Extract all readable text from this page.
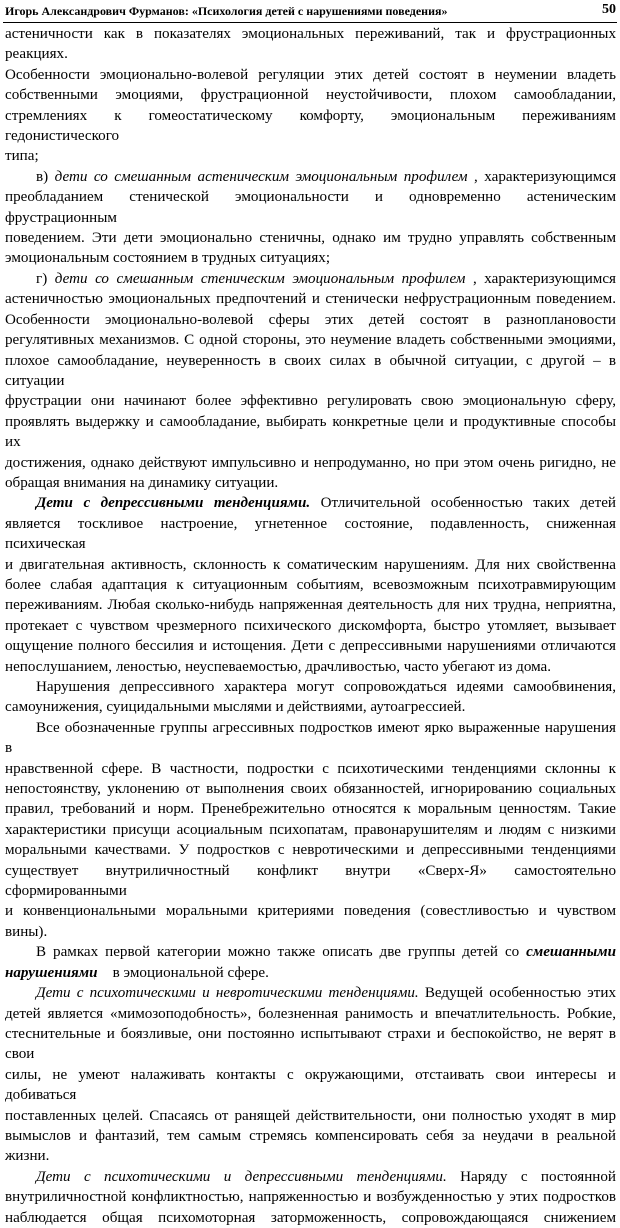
Игорь Александрович Фурманов: «Психология детей с нарушениями поведения»	50
астеничности как в показателях эмоциональных переживаний, так и фрустрационных реакциях.
Особенности эмоционально-волевой регуляции этих детей состоят в неумении владеть
собственными эмоциями, фрустрационной неустойчивости, плохом самообладании,
стремлениях к гомеостатическому комфорту, эмоциональным переживаниям гедонистического
типа;
в) дети со смешанным астеническим эмоциональным профилем , характеризующимся
преобладанием стенической эмоциональности и одновременно астеническим фрустрационным
поведением. Эти дети эмоционально стеничны, однако им трудно управлять собственным
эмоциональным состоянием в трудных ситуациях;
г) дети со смешанным стеническим эмоциональным профилем , характеризующимся
астеничностью эмоциональных предпочтений и стенически нефрустрационным поведением.
Особенности эмоционально-волевой сферы этих детей состоят в разноплановости
регулятивных механизмов. С одной стороны, это неумение владеть собственными эмоциями,
плохое самообладание, неуверенность в своих силах в обычной ситуации, с другой – в ситуации
фрустрации они начинают более эффективно регулировать свою эмоциональную сферу,
проявлять выдержку и самообладание, выбирать конкретные цели и продуктивные способы их
достижения, однако действуют импульсивно и непродуманно, но при этом очень ригидно, не
обращая внимания на динамику ситуации.
Дети с депрессивными тенденциями. Отличительной особенностью таких детей
является тоскливое настроение, угнетенное состояние, подавленность, сниженная психическая
и двигательная активность, склонность к соматическим нарушениям. Для них свойственна
более слабая адаптация к ситуационным событиям, всевозможным психотравмирующим
переживаниям. Любая сколько-нибудь напряженная деятельность для них трудна, неприятна,
протекает с чувством чрезмерного психического дискомфорта, быстро утомляет, вызывает
ощущение полного бессилия и истощения. Дети с депрессивными нарушениями отличаются
непослушанием, леностью, неуспеваемостью, драчливостью, часто убегают из дома.
Нарушения депрессивного характера могут сопровождаться идеями самообвинения,
самоунижения, суицидальными мыслями и действиями, аутоагрессией.
Все обозначенные группы агрессивных подростков имеют ярко выраженные нарушения в
нравственной сфере. В частности, подростки с психотическими тенденциями склонны к
непостоянству, уклонению от выполнения своих обязанностей, игнорированию социальных
правил, требований и норм. Пренебрежительно относятся к моральным ценностям. Такие
характеристики присущи асоциальным психопатам, правонарушителям и людям с низкими
моральными качествами. У подростков с невротическими и депрессивными тенденциями
существует внутриличностный конфликт внутри «Сверх-Я» самостоятельно сформированными
и конвенциональными моральными критериями поведения (совестливостью и чувством вины).
В рамках первой категории можно также описать две группы детей со смешанными
нарушениями    в эмоциональной сфере.
Дети с психотическими и невротическими тенденциями. Ведущей особенностью этих
детей является «мимозоподобность», болезненная ранимость и впечатлительность. Робкие,
стеснительные и боязливые, они постоянно испытывают страхи и беспокойство, не верят в свои
силы, не умеют налаживать контакты с окружающими, отстаивать свои интересы и добиваться
поставленных целей. Спасаясь от ранящей действительности, они полностью уходят в мир
вымыслов и фантазий, тем самым стремясь компенсировать себя за неудачи в реальной жизни.
Дети с психотическими и депрессивными тенденциями. Наряду с постоянной
внутриличностной конфликтностью, напряженностью и возбужденностью у этих подростков
наблюдается общая психомоторная заторможенность, сопровождающаяся снижением
